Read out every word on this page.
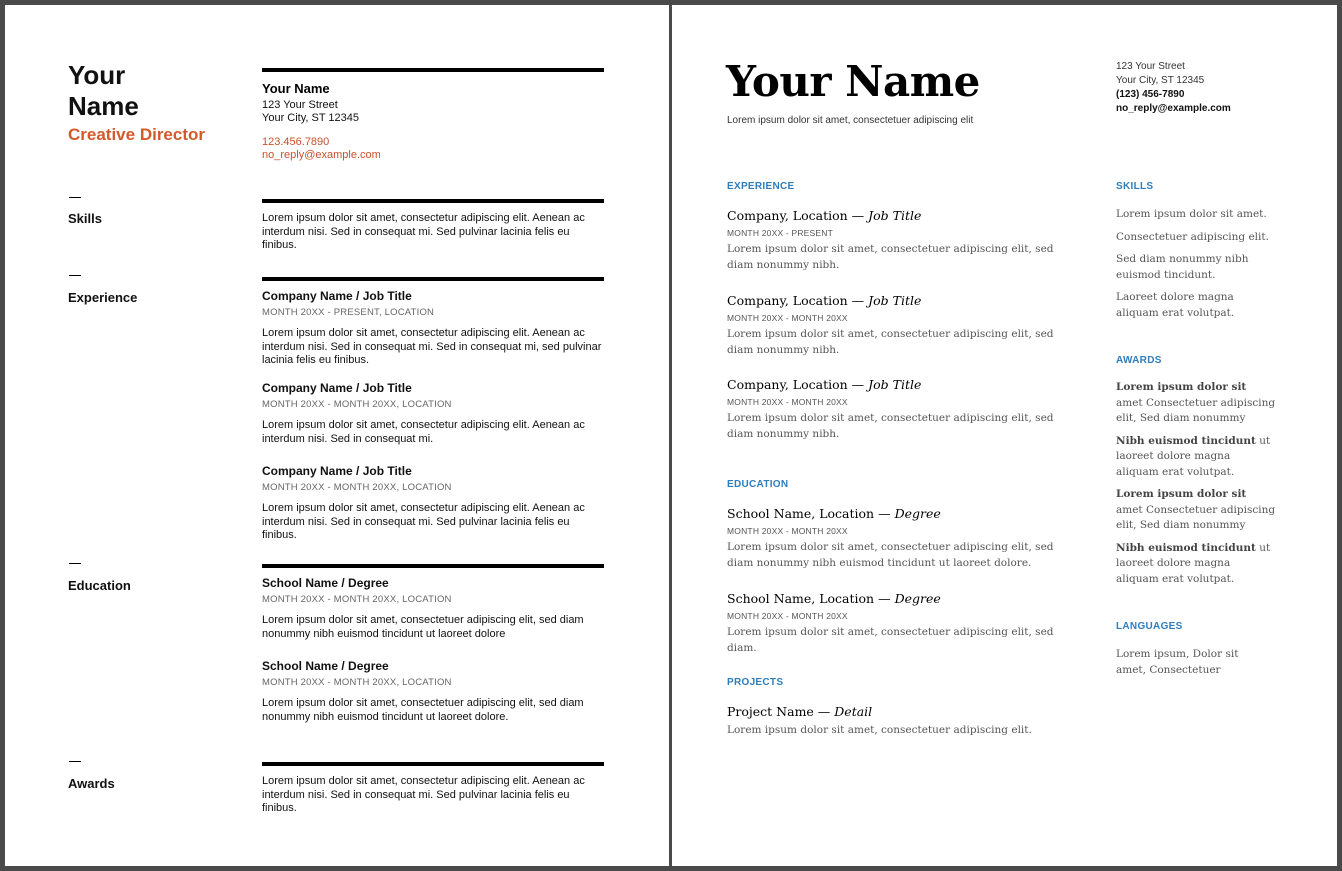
Your
Name
Creative Director
Your Name
123 Your Street
Your City, ST 12345
123.456.7890
no_reply@example.com
Skills	Lorem ipsum dolor sit amet, consectetur adipiscing elit. Aenean ac interdum nisi. Sed in consequat mi. Sed pulvinar lacinia felis eu finibus.
Experience	Company Name / Job Title
MONTH 20XX - PRESENT, LOCATION
Lorem ipsum dolor sit amet, consectetur adipiscing elit. Aenean ac interdum nisi. Sed in consequat mi. Sed in consequat mi, sed pulvinar lacinia felis eu finibus.
Company Name / Job Title
MONTH 20XX - MONTH 20XX, LOCATION
Lorem ipsum dolor sit amet, consectetur adipiscing elit. Aenean ac interdum nisi. Sed in consequat mi.
Company Name / Job Title
MONTH 20XX - MONTH 20XX, LOCATION
Lorem ipsum dolor sit amet, consectetur adipiscing elit. Aenean ac interdum nisi. Sed in consequat mi. Sed pulvinar lacinia felis eu finibus.
Education	School Name / Degree
MONTH 20XX - MONTH 20XX, LOCATION
Lorem ipsum dolor sit amet, consectetuer adipiscing elit, sed diam nonummy nibh euismod tincidunt ut laoreet dolore
School Name / Degree
MONTH 20XX - MONTH 20XX, LOCATION
Lorem ipsum dolor sit amet, consectetuer adipiscing elit, sed diam nonummy nibh euismod tincidunt ut laoreet dolore.
Awards	Lorem ipsum dolor sit amet, consectetur adipiscing elit. Aenean ac interdum nisi. Sed in consequat mi. Sed pulvinar lacinia felis eu finibus.
Your Name
Lorem ipsum dolor sit amet, consectetuer adipiscing elit
123 Your Street
Your City, ST 12345
(123) 456-7890
no_reply@example.com
EXPERIENCE
Company, Location — Job Title
MONTH 20XX - PRESENT
Lorem ipsum dolor sit amet, consectetuer adipiscing elit, sed diam nonummy nibh.
Company, Location — Job Title
MONTH 20XX - MONTH 20XX
Lorem ipsum dolor sit amet, consectetuer adipiscing elit, sed diam nonummy nibh.
Company, Location — Job Title
MONTH 20XX - MONTH 20XX
Lorem ipsum dolor sit amet, consectetuer adipiscing elit, sed diam nonummy nibh.
EDUCATION
School Name, Location — Degree
MONTH 20XX - MONTH 20XX
Lorem ipsum dolor sit amet, consectetuer adipiscing elit, sed diam nonummy nibh euismod tincidunt ut laoreet dolore.
School Name, Location — Degree
MONTH 20XX - MONTH 20XX
Lorem ipsum dolor sit amet, consectetuer adipiscing elit, sed diam.
PROJECTS
Project Name — Detail
Lorem ipsum dolor sit amet, consectetuer adipiscing elit.
SKILLS

Lorem ipsum dolor sit amet.

Consectetuer adipiscing elit.

Sed diam nonummy nibh euismod tincidunt.

Laoreet dolore magna aliquam erat volutpat.

AWARDS

Lorem ipsum dolor sit amet Consectetuer adipiscing elit, Sed diam nonummy

Nibh euismod tincidunt ut laoreet dolore magna aliquam erat volutpat.

Lorem ipsum dolor sit amet Consectetuer adipiscing elit, Sed diam nonummy

Nibh euismod tincidunt ut laoreet dolore magna aliquam erat volutpat.

LANGUAGES
Lorem ipsum, Dolor sit amet, Consectetuer
